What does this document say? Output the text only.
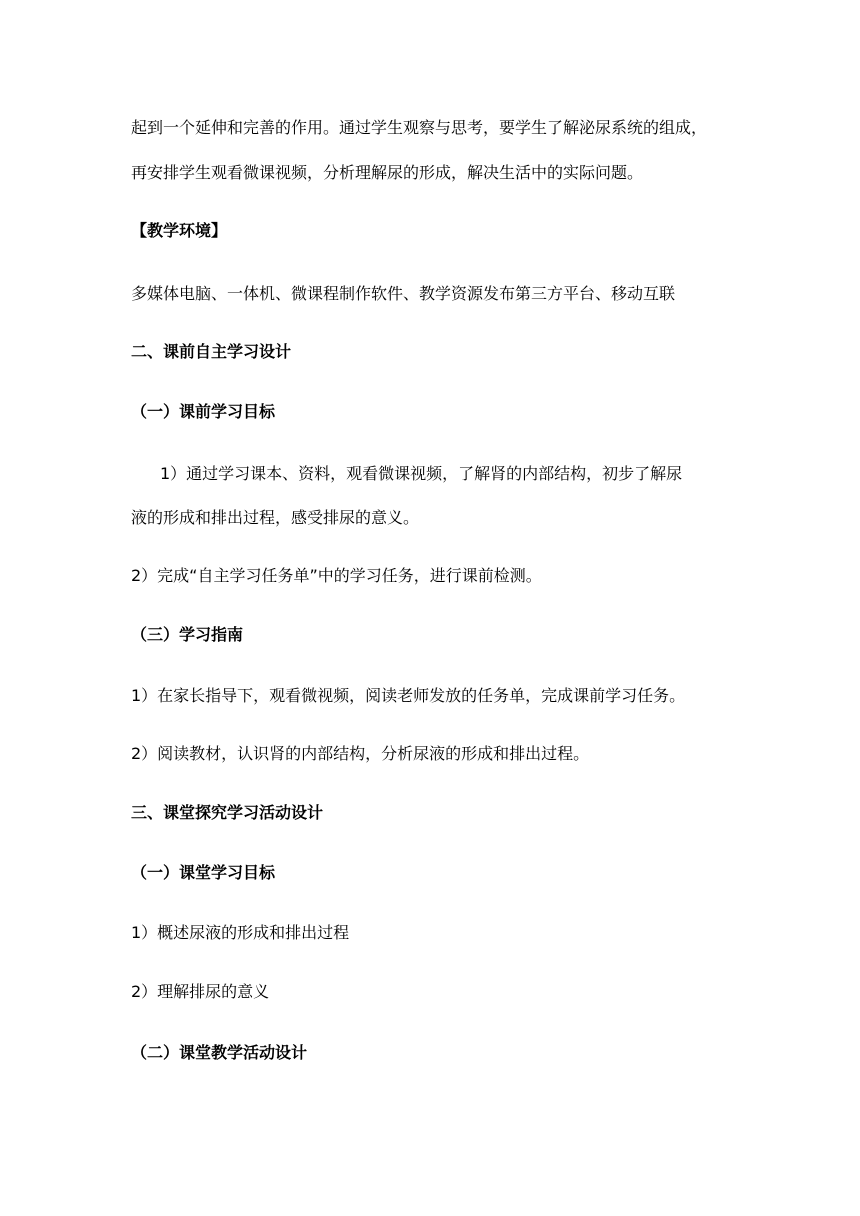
起到一个延伸和完善的作用。通过学生观察与思考，要学生了解泌尿系统的组成，
再安排学生观看微课视频，分析理解尿的形成，解决生活中的实际问题。
【教学环境】
多媒体电脑、一体机、微课程制作软件、教学资源发布第三方平台、移动互联
二、课前自主学习设计
（一）课前学习目标
1）通过学习课本、资料，观看微课视频，了解肾的内部结构，初步了解尿
液的形成和排出过程，感受排尿的意义。
2）完成“自主学习任务单”中的学习任务，进行课前检测。
（三）学习指南
1）在家长指导下，观看微视频，阅读老师发放的任务单，完成课前学习任务。
2）阅读教材，认识肾的内部结构，分析尿液的形成和排出过程。
三、课堂探究学习活动设计
（一）课堂学习目标
1）概述尿液的形成和排出过程
2）理解排尿的意义
（二）课堂教学活动设计
